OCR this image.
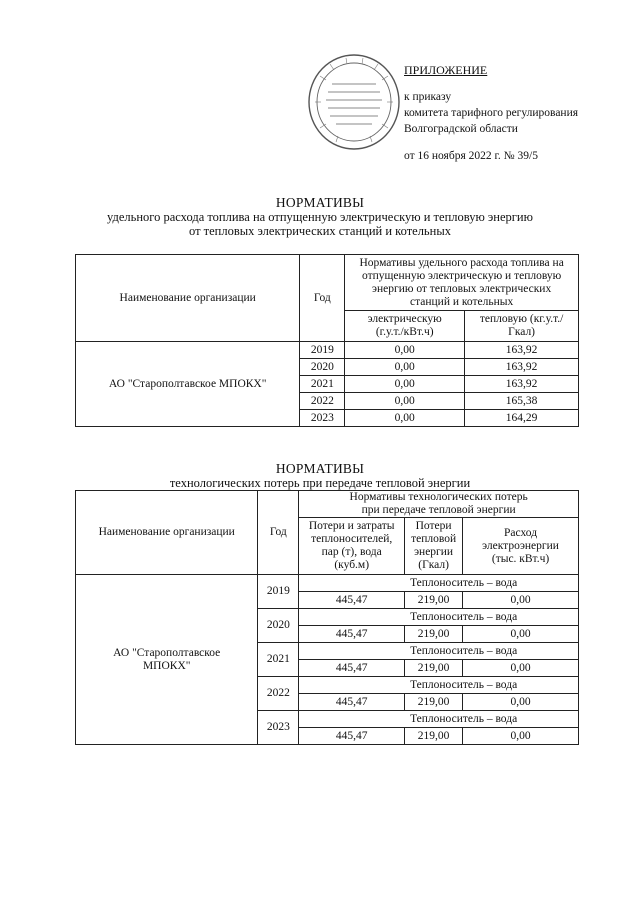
ПРИЛОЖЕНИЕ
к приказу
комитета тарифного регулирования
Волгоградской области
от 16 ноября 2022 г. № 39/5
НОРМАТИВЫ
удельного расхода топлива на отпущенную электрическую и тепловую энергию
от тепловых электрических станций и котельных
Наименование организации	Год	Нормативы удельного расхода топлива на отпущенную электрическую и тепловую энергию от тепловых электрических станций и котельных	
		электрическую (г.у.т./кВт.ч)	тепловую (кг.у.т./Гкал)
АО "Старополтавское МПОКХ"	2019	0,00	163,92
	2020	0,00	163,92
	2021	0,00	163,92
	2022	0,00	165,38
	2023	0,00	164,29
НОРМАТИВЫ
технологических потерь при передаче тепловой энергии
Наименование организации	Год	Нормативы технологических потерь при передаче тепловой энергии		
		Потери и затраты теплоносителей, пар (т), вода (куб.м)	Потери тепловой энергии (Гкал)	Расход электроэнергии (тыс. кВт.ч)
АО "Старополтавское МПОКХ"	2019	Теплоноситель – вода		
		445,47	219,00	0,00
	2020	Теплоноситель – вода		
		445,47	219,00	0,00
	2021	Теплоноситель – вода		
		445,47	219,00	0,00
	2022	Теплоноситель – вода		
		445,47	219,00	0,00
	2023	Теплоноситель – вода		
		445,47	219,00	0,00
